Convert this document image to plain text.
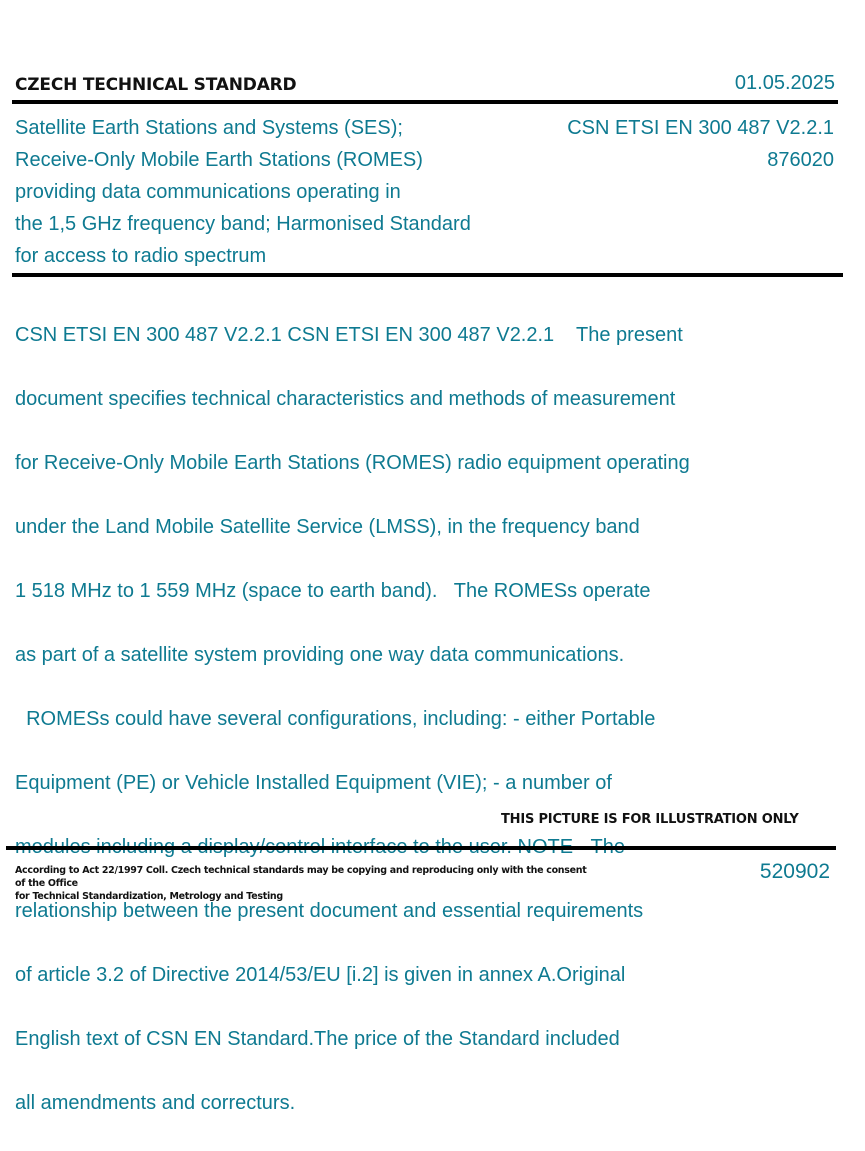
CZECH TECHNICAL STANDARD	01.05.2025
Satellite Earth Stations and Systems (SES);
Receive-Only Mobile Earth Stations (ROMES)
providing data communications operating in
the 1,5 GHz frequency band; Harmonised Standard
for access to radio spectrum
CSN ETSI EN 300 487 V2.2.1
876020

CSN ETSI EN 300 487 V2.2.1 CSN ETSI EN 300 487 V2.2.1    The present

document specifies technical characteristics and methods of measurement

for Receive-Only Mobile Earth Stations (ROMES) radio equipment operating

under the Land Mobile Satellite Service (LMSS), in the frequency band

1 518 MHz to 1 559 MHz (space to earth band).   The ROMESs operate

as part of a satellite system providing one way data communications.

ROMESs could have several configurations, including: - either Portable

Equipment (PE) or Vehicle Installed Equipment (VIE); - a number of

relationship between the present document and essential requirements

of article 3.2 of Directive 2014/53/EU [i.2] is given in annex A.Original

English text of CSN EN Standard.The price of the Standard included

all amendments and correcturs.

THIS PICTURE IS FOR ILLUSTRATION ONLY
According to Act 22/1997 Coll. Czech technical standards may be copying and reproducing only with the consent of the Office
for Technical Standardization, Metrology and Testing
520902
